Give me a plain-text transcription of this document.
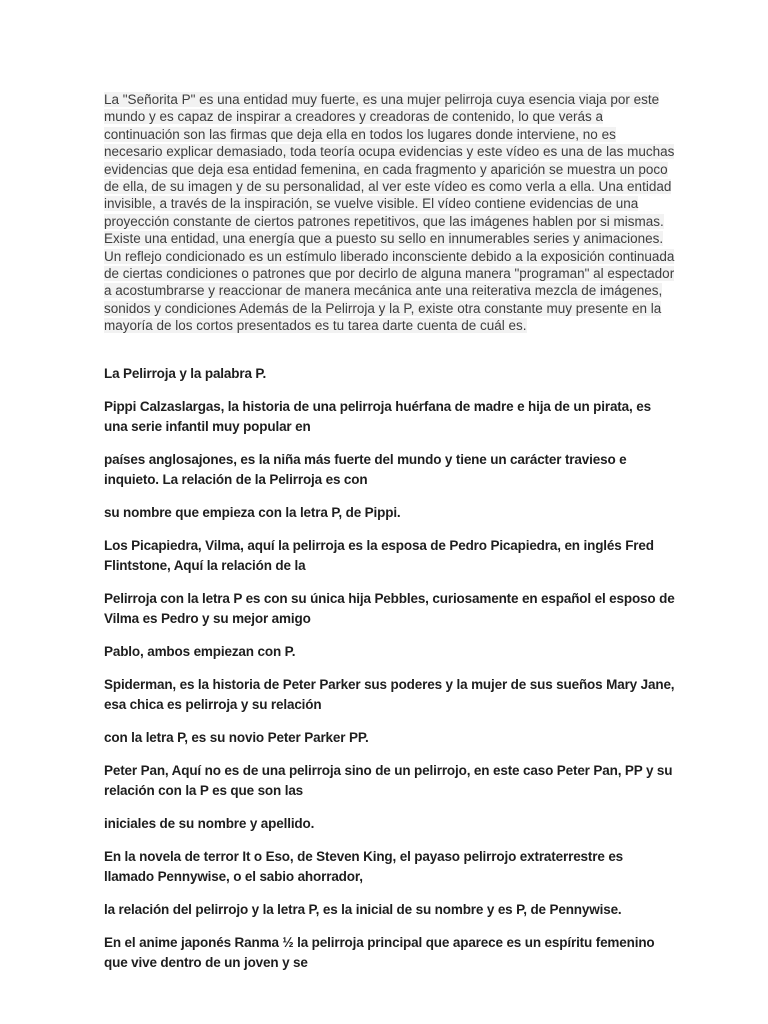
La "Señorita P" es una entidad muy fuerte, es una mujer pelirroja cuya esencia viaja por este mundo y es capaz de inspirar a creadores y creadoras de contenido, lo que verás a continuación son las firmas que deja ella en todos los lugares donde interviene, no es necesario explicar demasiado, toda teoría ocupa evidencias y este vídeo es una de las muchas evidencias que deja esa entidad femenina, en cada fragmento y aparición se muestra un poco de ella, de su imagen y de su personalidad, al ver este vídeo es como verla a ella. Una entidad invisible, a través de la inspiración, se vuelve visible. El vídeo contiene evidencias de una proyección constante de ciertos patrones repetitivos, que las imágenes hablen por si mismas. Existe una entidad, una energía que a puesto su sello en innumerables series y animaciones. Un reflejo condicionado es un estímulo liberado inconsciente debido a la exposición continuada de ciertas condiciones o patrones que por decirlo de alguna manera "programan" al espectador a acostumbrarse y reaccionar de manera mecánica ante una reiterativa mezcla de imágenes, sonidos y condiciones Además de la Pelirroja y la P, existe otra constante muy presente en la mayoría de los cortos presentados es tu tarea darte cuenta de cuál es.

La Pelirroja y la palabra P.

Pippi Calzaslargas, la historia de una pelirroja huérfana de madre e hija de un pirata, es una serie infantil muy popular en

países anglosajones, es la niña más fuerte del mundo y tiene un carácter travieso e inquieto. La relación de la Pelirroja es con

su nombre que empieza con la letra P, de Pippi.

Los Picapiedra, Vilma, aquí la pelirroja es la esposa de Pedro Picapiedra, en inglés Fred Flintstone, Aquí la relación de la

Pelirroja con la letra P es con su única hija Pebbles, curiosamente en español el esposo de Vilma es Pedro y su mejor amigo

Pablo, ambos empiezan con P.

Spiderman, es la historia de Peter Parker sus poderes y la mujer de sus sueños Mary Jane, esa chica es pelirroja y su relación

con la letra P, es su novio Peter Parker PP.

Peter Pan, Aquí no es de una pelirroja sino de un pelirrojo, en este caso Peter Pan, PP y su relación con la P es que son las

iniciales de su nombre y apellido.

En la novela de terror It o Eso, de Steven King, el payaso pelirrojo extraterrestre es llamado Pennywise, o el sabio ahorrador,

la relación del pelirrojo y la letra P, es la inicial de su nombre y es P, de Pennywise.

En el anime japonés Ranma ½ la pelirroja principal que aparece es un espíritu femenino que vive dentro de un joven y se
